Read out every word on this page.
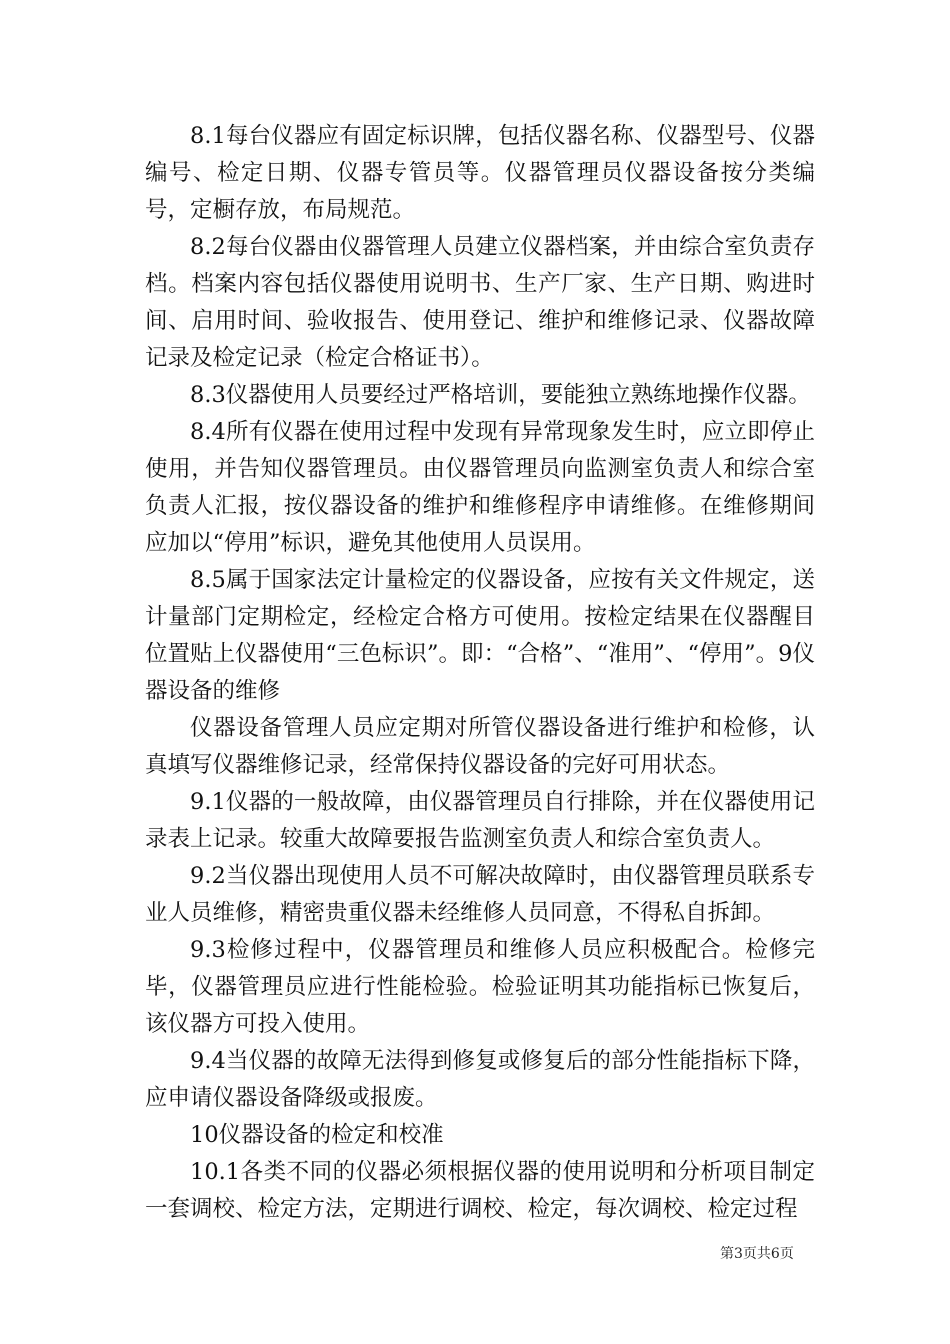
8.1每台仪器应有固定标识牌，包括仪器名称、仪器型号、仪器编号、检定日期、仪器专管员等。仪器管理员仪器设备按分类编号，定橱存放，布局规范。

8.2每台仪器由仪器管理人员建立仪器档案，并由综合室负责存档。档案内容包括仪器使用说明书、生产厂家、生产日期、购进时间、启用时间、验收报告、使用登记、维护和维修记录、仪器故障记录及检定记录（检定合格证书）。

8.3仪器使用人员要经过严格培训，要能独立熟练地操作仪器。

8.4所有仪器在使用过程中发现有异常现象发生时，应立即停止使用，并告知仪器管理员。由仪器管理员向监测室负责人和综合室负责人汇报，按仪器设备的维护和维修程序申请维修。在维修期间应加以“停用”标识，避免其他使用人员误用。

8.5属于国家法定计量检定的仪器设备，应按有关文件规定，送计量部门定期检定，经检定合格方可使用。按检定结果在仪器醒目位置贴上仪器使用“三色标识”。即：“合格”、“准用”、“停用”。9仪器设备的维修

仪器设备管理人员应定期对所管仪器设备进行维护和检修，认真填写仪器维修记录，经常保持仪器设备的完好可用状态。

9.1仪器的一般故障，由仪器管理员自行排除，并在仪器使用记录表上记录。较重大故障要报告监测室负责人和综合室负责人。

9.2当仪器出现使用人员不可解决故障时，由仪器管理员联系专业人员维修，精密贵重仪器未经维修人员同意，不得私自拆卸。

9.3检修过程中，仪器管理员和维修人员应积极配合。检修完毕，仪器管理员应进行性能检验。检验证明其功能指标已恢复后，该仪器方可投入使用。

9.4当仪器的故障无法得到修复或修复后的部分性能指标下降，应申请仪器设备降级或报废。

10仪器设备的检定和校准

10.1各类不同的仪器必须根据仪器的使用说明和分析项目制定一套调校、检定方法，定期进行调校、检定，每次调校、检定过程

第3页共6页
